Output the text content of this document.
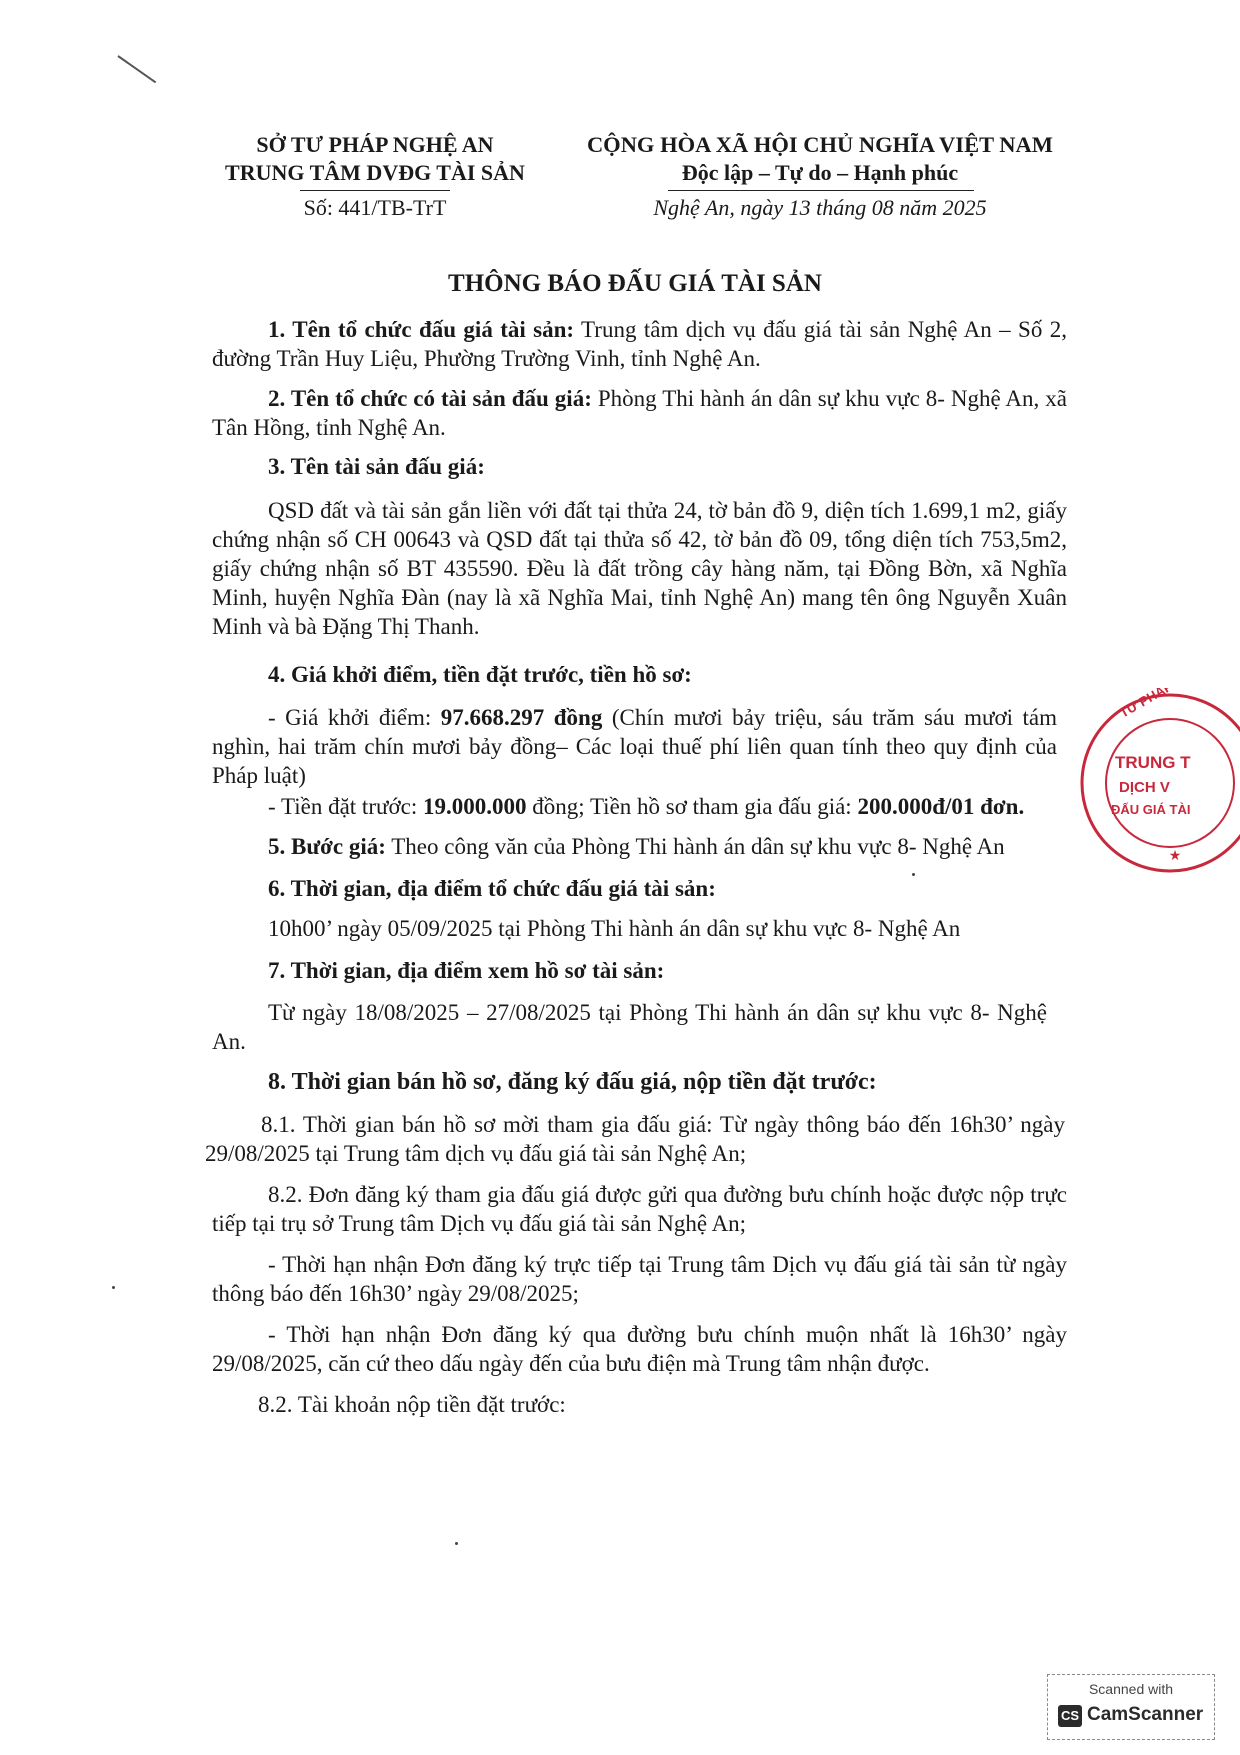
SỞ TƯ PHÁP NGHỆ AN
TRUNG TÂM DVĐG TÀI SẢN
Số: 441/TB-TrT
CỘNG HÒA XÃ HỘI CHỦ NGHĨA VIỆT NAM
Độc lập – Tự do – Hạnh phúc
Nghệ An, ngày 13 tháng 08 năm 2025
THÔNG BÁO ĐẤU GIÁ TÀI SẢN
1. Tên tổ chức đấu giá tài sản: Trung tâm dịch vụ đấu giá tài sản Nghệ An – Số 2, đường Trần Huy Liệu, Phường Trường Vinh, tỉnh Nghệ An.
2. Tên tổ chức có tài sản đấu giá: Phòng Thi hành án dân sự khu vực 8- Nghệ An, xã Tân Hồng, tỉnh Nghệ An.
3. Tên tài sản đấu giá:
QSD đất và tài sản gắn liền với đất tại thửa 24, tờ bản đồ 9, diện tích 1.699,1 m2, giấy chứng nhận số CH 00643 và QSD đất tại thửa số 42, tờ bản đồ 09, tổng diện tích 753,5m2, giấy chứng nhận số BT 435590. Đều là đất trồng cây hàng năm, tại Đồng Bờn, xã Nghĩa Minh, huyện Nghĩa Đàn (nay là xã Nghĩa Mai, tỉnh Nghệ An) mang tên ông Nguyễn Xuân Minh và bà Đặng Thị Thanh.
4. Giá khởi điểm, tiền đặt trước, tiền hồ sơ:
- Giá khởi điểm: 97.668.297 đồng (Chín mươi bảy triệu, sáu trăm sáu mươi tám nghìn, hai trăm chín mươi bảy đồng– Các loại thuế phí liên quan tính theo quy định của Pháp luật)
- Tiền đặt trước: 19.000.000 đồng; Tiền hồ sơ tham gia đấu giá: 200.000đ/01 đơn.
5. Bước giá: Theo công văn của Phòng Thi hành án dân sự khu vực 8- Nghệ An
6. Thời gian, địa điểm tổ chức đấu giá tài sản:
10h00’ ngày 05/09/2025 tại Phòng Thi hành án dân sự khu vực 8- Nghệ An
7. Thời gian, địa điểm xem hồ sơ tài sản:
Từ ngày 18/08/2025 – 27/08/2025 tại Phòng Thi hành án dân sự khu vực 8- Nghệ An.
8. Thời gian bán hồ sơ, đăng ký đấu giá, nộp tiền đặt trước:
8.1. Thời gian bán hồ sơ mời tham gia đấu giá: Từ ngày thông báo đến 16h30’ ngày 29/08/2025 tại Trung tâm dịch vụ đấu giá tài sản Nghệ An;
8.2. Đơn đăng ký tham gia đấu giá được gửi qua đường bưu chính hoặc được nộp trực tiếp tại trụ sở Trung tâm Dịch vụ đấu giá tài sản Nghệ An;
- Thời hạn nhận Đơn đăng ký trực tiếp tại Trung tâm Dịch vụ đấu giá tài sản từ ngày thông báo đến 16h30’ ngày 29/08/2025;
- Thời hạn nhận Đơn đăng ký qua đường bưu chính muộn nhất là 16h30’ ngày 29/08/2025, căn cứ theo dấu ngày đến của bưu điện mà Trung tâm nhận được.
8.2. Tài khoản nộp tiền đặt trước:
TƯ PHÁP
TRUNG T
DỊCH V
ĐẤU GIÁ TÀI
★
Scanned with
CS CamScanner
